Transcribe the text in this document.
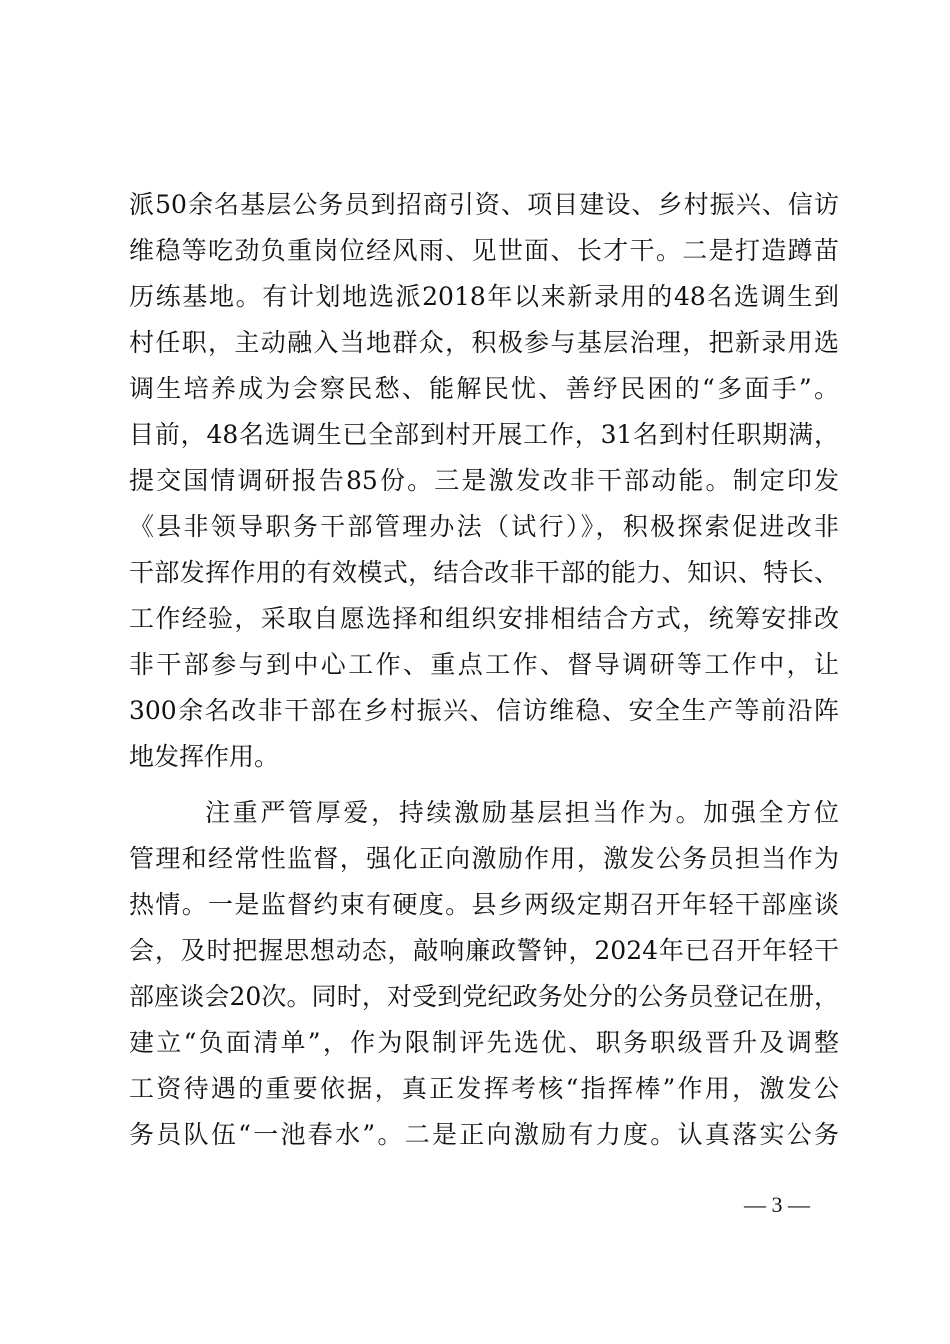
派50余名基层公务员到招商引资、项目建设、乡村振兴、信访
维稳等吃劲负重岗位经风雨、见世面、长才干。二是打造蹲苗
历练基地。有计划地选派2018年以来新录用的48名选调生到
村任职，主动融入当地群众，积极参与基层治理，把新录用选
调生培养成为会察民愁、能解民忧、善纾民困的“多面手”。
目前，48名选调生已全部到村开展工作，31名到村任职期满，
提交国情调研报告85份。三是激发改非干部动能。制定印发
《县非领导职务干部管理办法（试行）》，积极探索促进改非
干部发挥作用的有效模式，结合改非干部的能力、知识、特长、
工作经验，采取自愿选择和组织安排相结合方式，统筹安排改
非干部参与到中心工作、重点工作、督导调研等工作中，让
300余名改非干部在乡村振兴、信访维稳、安全生产等前沿阵
地发挥作用。
注重严管厚爱，持续激励基层担当作为。加强全方位
管理和经常性监督，强化正向激励作用，激发公务员担当作为
热情。一是监督约束有硬度。县乡两级定期召开年轻干部座谈
会，及时把握思想动态，敲响廉政警钟，2024年已召开年轻干
部座谈会20次。同时，对受到党纪政务处分的公务员登记在册，
建立“负面清单”，作为限制评先选优、职务职级晋升及调整
工资待遇的重要依据，真正发挥考核“指挥棒”作用，激发公
务员队伍“一池春水”。二是正向激励有力度。认真落实公务
— 3 —
